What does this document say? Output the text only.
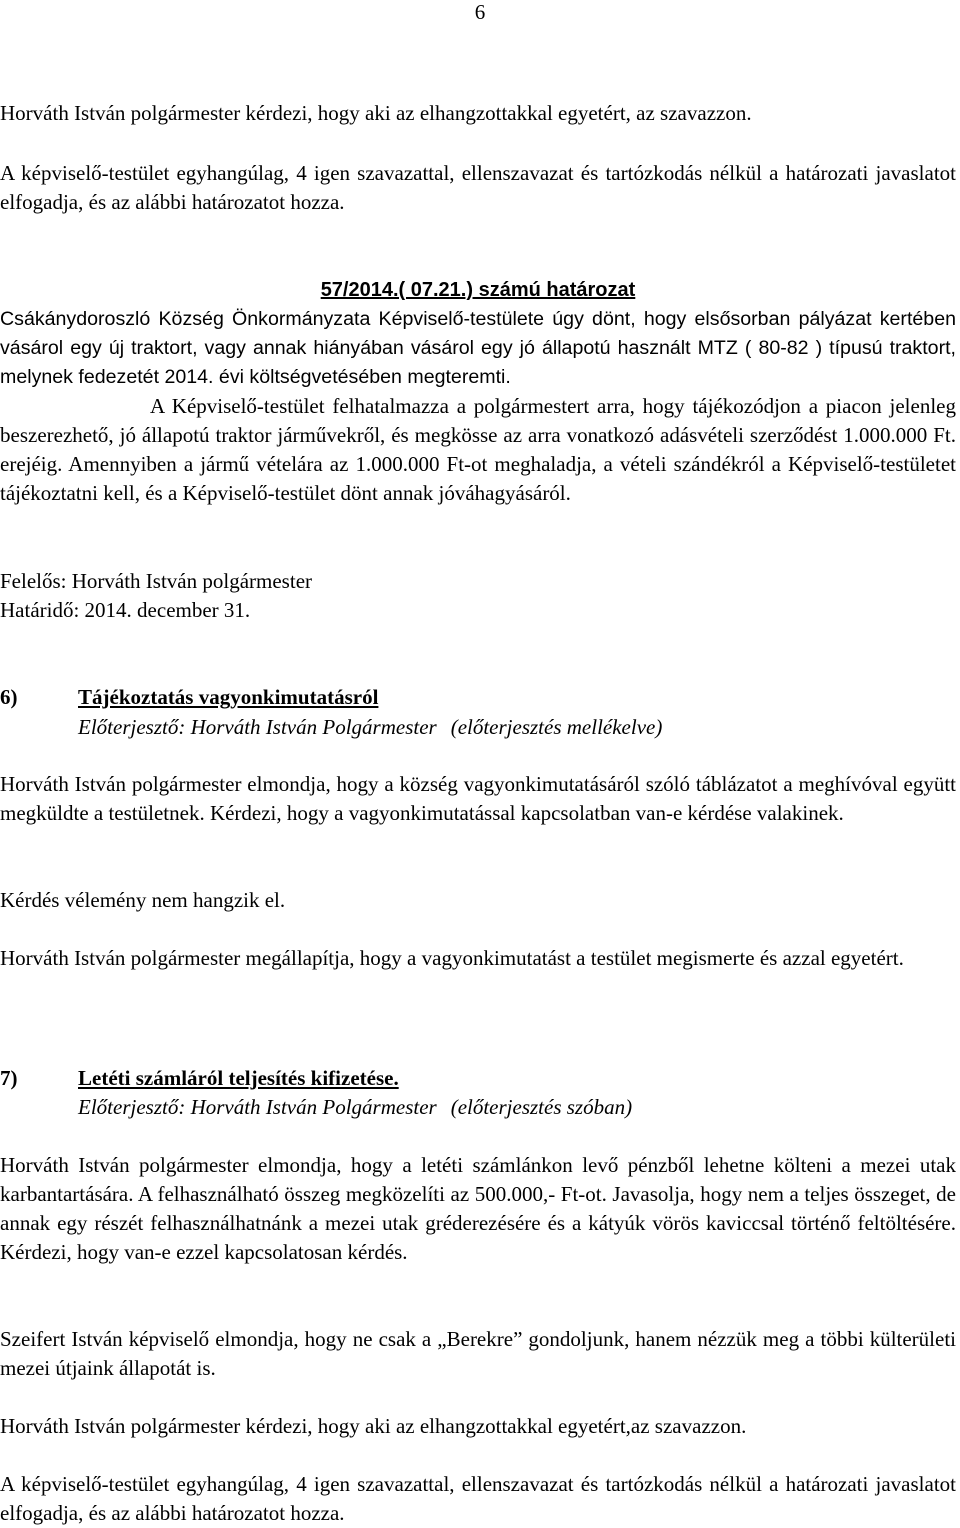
6

Horváth István polgármester kérdezi, hogy aki az elhangzottakkal egyetért, az szavazzon.

A képviselő-testület egyhangúlag, 4 igen szavazattal, ellenszavazat és tartózkodás nélkül a határozati javaslatot elfogadja, és az alábbi határozatot hozza.

57/2014.( 07.21.) számú határozat

Csákánydoroszló Község Önkormányzata Képviselő-testülete úgy dönt, hogy elsősorban pályázat kertében vásárol egy új traktort, vagy annak hiányában vásárol egy jó állapotú használt MTZ ( 80-82 ) típusú traktort, melynek fedezetét 2014. évi költségvetésében megteremti.

A Képviselő-testület felhatalmazza a polgármestert arra, hogy tájékozódjon a piacon jelenleg beszerezhető, jó állapotú traktor járművekről, és megkösse az arra vonatkozó adásvételi szerződést 1.000.000 Ft. erejéig. Amennyiben a jármű vételára az 1.000.000 Ft-ot meghaladja, a vételi szándékról a Képviselő-testületet tájékoztatni kell, és a Képviselő-testület dönt annak jóváhagyásáról.

Felelős: Horváth István polgármester

Határidő: 2014. december 31.

6)	Tájékoztatás vagyonkimutatásról
Előterjesztő: Horváth István Polgármester (előterjesztés mellékelve)

Horváth István polgármester elmondja, hogy a község vagyonkimutatásáról szóló táblázatot a meghívóval együtt megküldte a testületnek. Kérdezi, hogy a vagyonkimutatással kapcsolatban van-e kérdése valakinek.

Kérdés vélemény nem hangzik el.

Horváth István polgármester megállapítja, hogy a vagyonkimutatást a testület megismerte és azzal egyetért.

7)	Letéti számláról teljesítés kifizetése.
Előterjesztő: Horváth István Polgármester (előterjesztés szóban)

Horváth István polgármester elmondja, hogy a letéti számlánkon levő pénzből lehetne költeni a mezei utak karbantartására. A felhasználható összeg megközelíti az 500.000,- Ft-ot. Javasolja, hogy nem a teljes összeget, de annak egy részét felhasználhatnánk a mezei utak gréderezésére és a kátyúk vörös kaviccsal történő feltöltésére. Kérdezi, hogy van-e ezzel kapcsolatosan kérdés.

Szeifert István képviselő elmondja, hogy ne csak a „Berekre” gondoljunk, hanem nézzük meg a többi külterületi mezei útjaink állapotát is.

Horváth István polgármester kérdezi, hogy aki az elhangzottakkal egyetért,az szavazzon.

A képviselő-testület egyhangúlag, 4 igen szavazattal, ellenszavazat és tartózkodás nélkül a határozati javaslatot elfogadja, és az alábbi határozatot hozza.
